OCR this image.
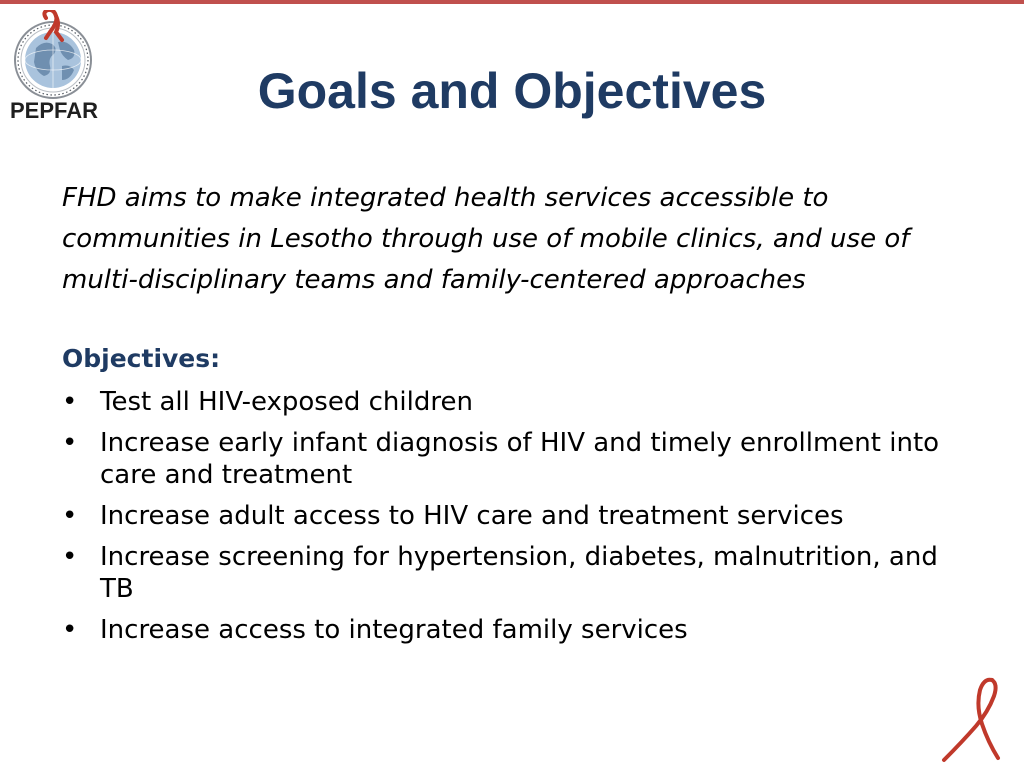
PEPFAR	Goals and Objectives

FHD aims to make integrated health services accessible to communities in Lesotho through use of mobile clinics, and use of multi-disciplinary teams and family-centered approaches

Objectives:
• Test all HIV-exposed children
• Increase early infant diagnosis of HIV and timely enrollment into care and treatment
• Increase adult access to HIV care and treatment services
• Increase screening for hypertension, diabetes, malnutrition, and TB
• Increase access to integrated family services
